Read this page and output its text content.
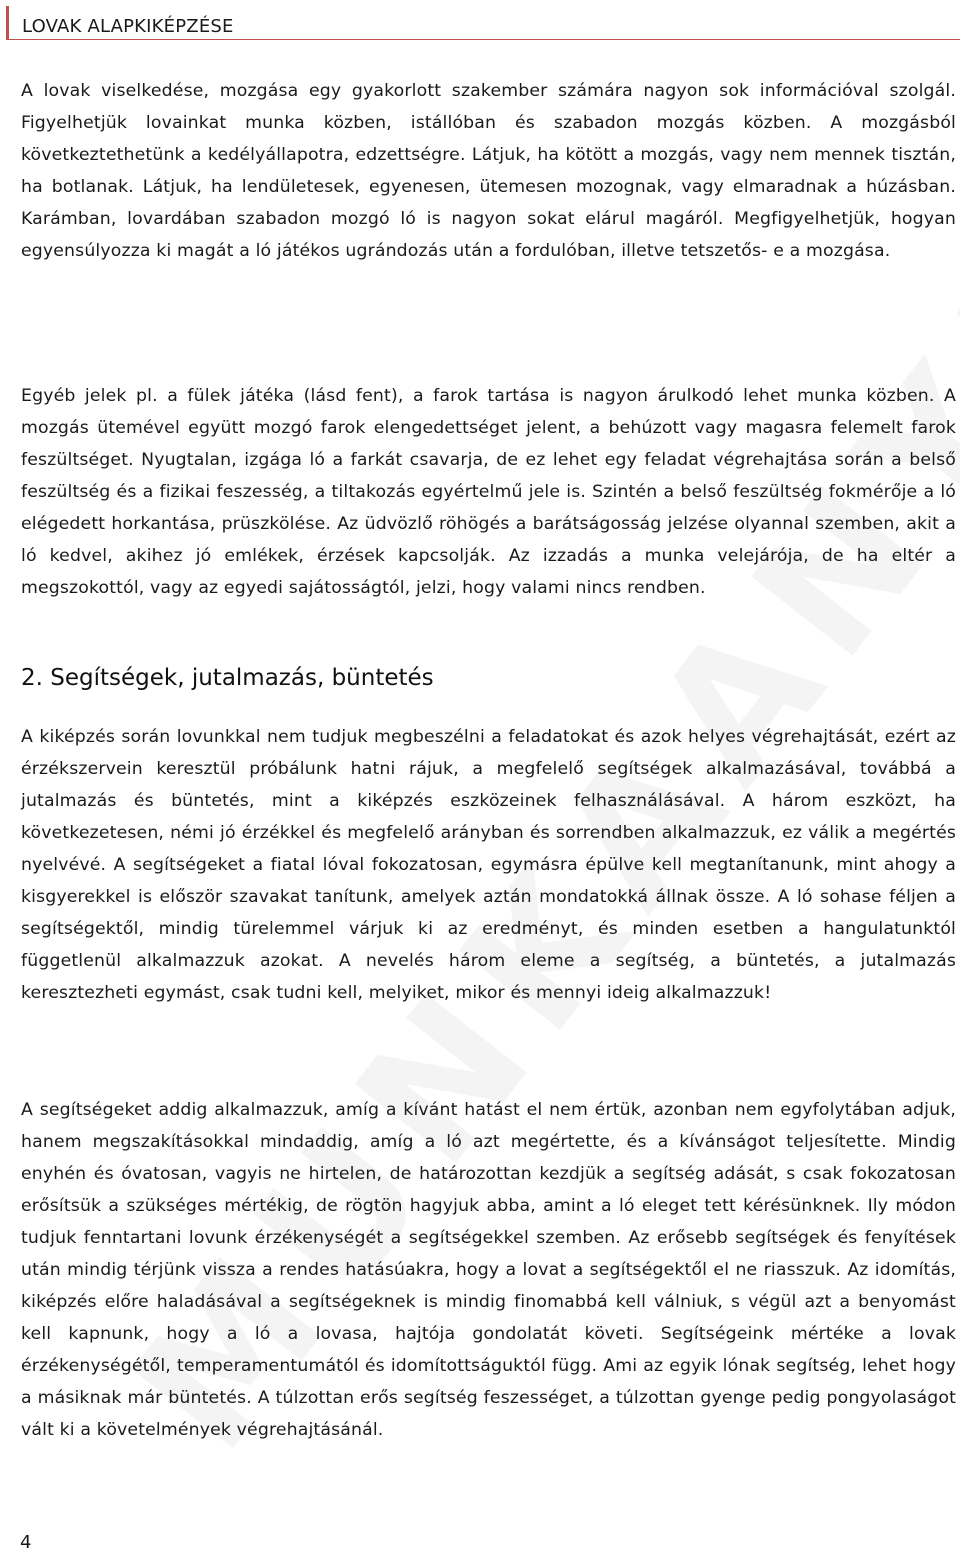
LOVAK ALAPKIKÉPZÉSE

A lovak viselkedése, mozgása egy gyakorlott szakember számára nagyon sok információval szolgál. Figyelhetjük lovainkat munka közben, istállóban és szabadon mozgás közben. A mozgásból következtethetünk a kedélyállapotra, edzettségre. Látjuk, ha kötött a mozgás, vagy nem mennek tisztán, ha botlanak. Látjuk, ha lendületesek, egyenesen, ütemesen mozognak, vagy elmaradnak a húzásban. Karámban, lovardában szabadon mozgó ló is nagyon sokat elárul magáról. Megfigyelhetjük, hogyan egyensúlyozza ki magát a ló játékos ugrándozás után a fordulóban, illetve tetszetős- e a mozgása.

Egyéb jelek pl. a fülek játéka (lásd fent), a farok tartása is nagyon árulkodó lehet munka közben. A mozgás ütemével együtt mozgó farok elengedettséget jelent, a behúzott vagy magasra felemelt farok feszültséget. Nyugtalan, izgága ló a farkát csavarja, de ez lehet egy feladat végrehajtása során a belső feszültség és a fizikai feszesség, a tiltakozás egyértelmű jele is. Szintén a belső feszültség fokmérője a ló elégedett horkantása, prüszkölése. Az üdvözlő röhögés a barátságosság jelzése olyannal szemben, akit a ló kedvel, akihez jó emlékek, érzések kapcsolják. Az izzadás a munka velejárója, de ha eltér a megszokottól, vagy az egyedi sajátosságtól, jelzi, hogy valami nincs rendben.

2. Segítségek, jutalmazás, büntetés

A kiképzés során lovunkkal nem tudjuk megbeszélni a feladatokat és azok helyes végrehajtását, ezért az érzékszervein keresztül próbálunk hatni rájuk, a megfelelő segítségek alkalmazásával, továbbá a jutalmazás és büntetés, mint a kiképzés eszközeinek felhasználásával. A három eszközt, ha következetesen, némi jó érzékkel és megfelelő arányban és sorrendben alkalmazzuk, ez válik a megértés nyelvévé. A segítségeket a fiatal lóval fokozatosan, egymásra épülve kell megtanítanunk, mint ahogy a kisgyerekkel is először szavakat tanítunk, amelyek aztán mondatokká állnak össze. A ló sohase féljen a segítségektől, mindig türelemmel várjuk ki az eredményt, és minden esetben a hangulatunktól függetlenül alkalmazzuk azokat. A nevelés három eleme a segítség, a büntetés, a jutalmazás keresztezheti egymást, csak tudni kell, melyiket, mikor és mennyi ideig alkalmazzuk!

A segítségeket addig alkalmazzuk, amíg a kívánt hatást el nem értük, azonban nem egyfolytában adjuk, hanem megszakításokkal mindaddig, amíg a ló azt megértette, és a kívánságot teljesítette. Mindig enyhén és óvatosan, vagyis ne hirtelen, de határozottan kezdjük a segítség adását, s csak fokozatosan erősítsük a szükséges mértékig, de rögtön hagyjuk abba, amint a ló eleget tett kérésünknek. Ily módon tudjuk fenntartani lovunk érzékenységét a segítségekkel szemben. Az erősebb segítségek és fenyítések után mindig térjünk vissza a rendes hatásúakra, hogy a lovat a segítségektől el ne riasszuk. Az idomítás, kiképzés előre haladásával a segítségeknek is mindig finomabbá kell válniuk, s végül azt a benyomást kell kapnunk, hogy a ló a lovasa, hajtója gondolatát követi. Segítségeink mértéke a lovak érzékenységétől, temperamentumától és idomítottságuktól függ. Ami az egyik lónak segítség, lehet hogy a másiknak már büntetés. A túlzottan erős segítség feszességet, a túlzottan gyenge pedig pongyolaságot vált ki a követelmények végrehajtásánál.

4
